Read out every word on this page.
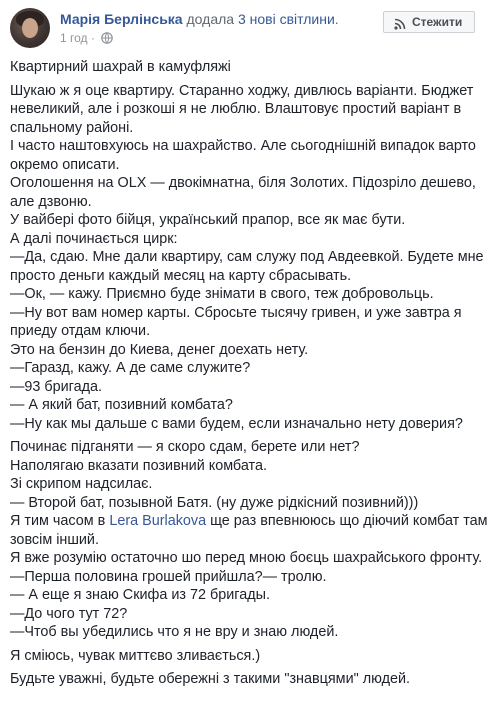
Марія Берлінська додала 3 нові світлини.
1 год ·
Стежити

Квартирний шахрай в камуфляжі

Шукаю ж я оце квартиру. Старанно ходжу, дивлюсь варіанти. Бюджет

невеликий, але і розкоші я не люблю. Влаштовує простий варіант в

спальному районі.

І часто наштовхуюсь на шахрайство. Але сьогоднішній випадок варто

окремо описати.

Оголошення на OLX — двокімнатна, біля Золотих. Підозріло дешево,

але дзвоню.

У вайбері фото бійця, український прапор, все як має бути.

А далі починається цирк:

—Да, сдаю. Мне дали квартиру, сам служу под Авдеевкой. Будете мне

просто деньги каждый месяц на карту сбрасывать.

—Ок, — кажу. Приємно буде знімати в свого, теж добровольць.

—Ну вот вам номер карты. Сбросьте тысячу гривен, и уже завтра я

приеду отдам ключи.

Это на бензин до Киева, денег доехать нету.

—Гаразд, кажу. А де саме служите?

—93 бригада.

— А який бат, позивний комбата?

—Ну как мы дальше с вами будем, если изначально нету доверия?

Починає підганяти — я скоро сдам, берете или нет?

Наполягаю вказати позивний комбата.

Зі скрипом надсилає.

— Второй бат, позывной Батя. (ну дуже рідкісний позивний)))

Я тим часом в Lera Burlakova ще раз впевнююсь що діючий комбат там

зовсім інший.

Я вже розумію остаточно шо перед мною боєць шахрайського фронту.

—Перша половина грошей прийшла?— тролю.

— А еще я знаю Скифа из 72 бригады.

—До чого тут 72?

—Чтоб вы убедились что я не вру и знаю людей.

Я сміюсь, чувак миттєво зливається.)

Будьте уважні, будьте обережні з такими "знавцями" людей.
